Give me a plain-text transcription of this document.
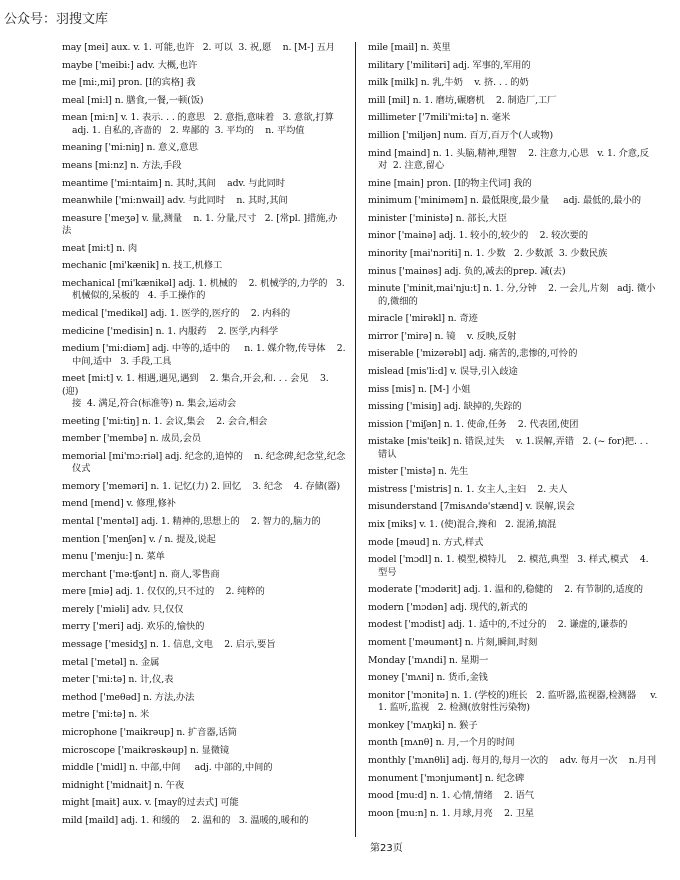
公众号：羽搜文库
may [mei] aux. v. 1. 可能,也许   2. 可以  3. 祝,愿    n. [M-] 五月
maybe ['meibi:] adv. 大概,也许
me [mi:,mi] pron. [I的宾格] 我
meal [mi:l] n. 膳食,一餐,一顿(饭)
mean [mi:n] v. 1. 表示. . . 的意思   2. 意指,意味着   3. 意欲,打算
adj. 1. 自私的,吝啬的   2. 卑鄙的  3. 平均的    n. 平均值
meaning ['mi:niŋ] n. 意义,意思
means [mi:nz] n. 方法,手段
meantime ['mi:ntaim] n. 其时,其间    adv. 与此同时
meanwhile ['mi:nwail] adv. 与此同时    n. 其时,其间
measure ['meʒə] v. 量,测量    n. 1. 分量,尺寸   2. [常pl. ]措施,办法
meat [mi:t] n. 肉
mechanic [mi'kænik] n. 技工,机修工
mechanical [mi'kænikəl] adj. 1. 机械的    2. 机械学的,力学的   3.
机械似的,呆板的   4. 手工操作的
medical ['medikəl] adj. 1. 医学的,医疗的    2. 内科的
medicine ['medisin] n. 1. 内服药    2. 医学,内科学
medium ['mi:diəm] adj. 中等的,适中的     n. 1. 媒介物,传导体    2.
中间,适中   3. 手段,工具
meet [mi:t] v. 1. 相遇,遇见,遇到    2. 集合,开会,和. . . 会见    3. (迎)
接  4. 满足,符合(标准等) n. 集会,运动会
meeting ['mi:tiŋ] n. 1. 会议,集会    2. 会合,相会
member ['membə] n. 成员,会员
memorial [mi'mɔ:riəl] adj. 纪念的,追悼的    n. 纪念碑,纪念堂,纪念
仪式
memory ['meməri] n. 1. 记忆(力) 2. 回忆    3. 纪念    4. 存储(器)
mend [mend] v. 修理,修补
mental ['mentəl] adj. 1. 精神的,思想上的    2. 智力的,脑力的
mention ['menʃən] v. / n. 提及,说起
menu ['menju:] n. 菜单
merchant ['mə:ʧənt] n. 商人,零售商
mere [miə] adj. 1. 仅仅的,只不过的    2. 纯粹的
merely ['miəli] adv. 只,仅仅
merry ['meri] adj. 欢乐的,愉快的
message ['mesidʒ] n. 1. 信息,文电    2. 启示,要旨
metal ['metəl] n. 金属
meter ['mi:tə] n. 计,仪,表
method ['meθəd] n. 方法,办法
metre ['mi:tə] n. 米
microphone ['maikrəup] n. 扩音器,话筒
microscope ['maikrəskəup] n. 显微镜
middle ['midl] n. 中部,中间     adj. 中部的,中间的
midnight ['midnait] n. 午夜
might [mait] aux. v. [may的过去式] 可能
mild [maild] adj. 1. 和缓的    2. 温和的   3. 温暖的,暖和的
mile [mail] n. 英里
military ['militəri] adj. 军事的,军用的
milk [milk] n. 乳,牛奶    v. 挤. . . 的奶
mill [mil] n. 1. 磨坊,碾磨机    2. 制造厂,工厂
millimeter ['7mili'mi:tə] n. 毫米
million ['miljən] num. 百万,百万个(人或物)
mind [maind] n. 1. 头脑,精神,理智    2. 注意力,心思   v. 1. 介意,反
对  2. 注意,留心
mine [main] pron. [I的物主代词] 我的
minimum ['miniməm] n. 最低限度,最少量     adj. 最低的,最小的
minister ['ministə] n. 部长,大臣
minor ['mainə] adj. 1. 较小的,较少的    2. 较次要的
minority [mai'nɔriti] n. 1. 少数   2. 少数派  3. 少数民族
minus ['mainəs] adj. 负的,减去的prep. 减(去)
minute ['minit,mai'nju:t] n. 1. 分,分钟    2. 一会儿,片刻   adj. 微小
的,微细的
miracle ['mirəkl] n. 奇迹
mirror ['mirə] n. 镜    v. 反映,反射
miserable ['mizərəbl] adj. 痛苦的,悲惨的,可怜的
mislead [mis'li:d] v. 误导,引入歧途
miss [mis] n. [M-] 小姐
missing ['misiŋ] adj. 缺掉的,失踪的
mission ['miʃən] n. 1. 使命,任务    2. 代表团,使团
mistake [mis'teik] n. 错误,过失    v. 1.误解,弄错   2. (~ for)把. . .
错认
mister ['mistə] n. 先生
mistress ['mistris] n. 1. 女主人,主妇    2. 夫人
misunderstand [7misʌndə'stænd] v. 误解,误会
mix [miks] v. 1. (使)混合,搀和   2. 混淆,搞混
mode [məud] n. 方式,样式
model ['mɔdl] n. 1. 模型,模特儿    2. 模范,典型   3. 样式,模式    4.
型号
moderate ['mɔdərit] adj. 1. 温和的,稳健的    2. 有节制的,适度的
modern ['mɔdən] adj. 现代的,新式的
modest ['mɔdist] adj. 1. 适中的,不过分的    2. 谦虚的,谦恭的
moment ['məumənt] n. 片刻,瞬间,时刻
Monday ['mʌndi] n. 星期一
money ['mʌni] n. 货币,金钱
monitor ['mɔnitə] n. 1. (学校的)班长   2. 监听器,监视器,检测器     v.
1. 监听,监视   2. 检测(放射性污染物)
monkey ['mʌŋki] n. 猴子
month [mʌnθ] n. 月,一个月的时间
monthly ['mʌnθli] adj. 每月的,每月一次的    adv. 每月一次    n.月刊
monument ['mɔnjumənt] n. 纪念碑
mood [mu:d] n. 1. 心情,情绪    2. 语气
moon [mu:n] n. 1. 月球,月亮    2. 卫星
第23页
